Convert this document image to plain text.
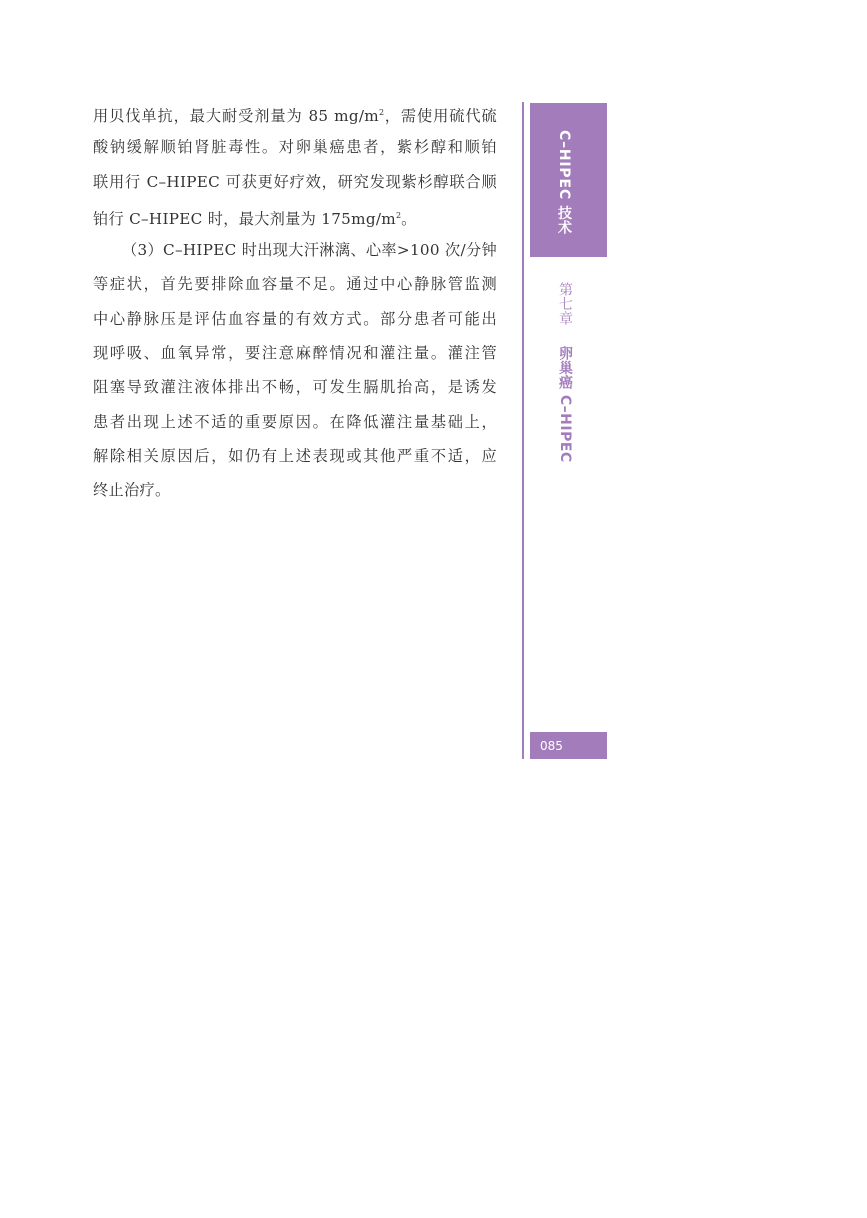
用贝伐单抗，最大耐受剂量为 85 $mg/m^2$，需使用硫代硫
酸钠缓解顺铂肾脏毒性。对卵巢癌患者，紫杉醇和顺铂
联用行 C–HIPEC 可获更好疗效，研究发现紫杉醇联合顺
铂行 C–HIPEC 时，最大剂量为 $175mg/m^2$。
（3）C–HIPEC 时出现大汗淋漓、心率>100 次/分钟
等症状，首先要排除血容量不足。通过中心静脉管监测
中心静脉压是评估血容量的有效方式。部分患者可能出
现呼吸、血氧异常，要注意麻醉情况和灌注量。灌注管
阻塞导致灌注液体排出不畅，可发生膈肌抬高，是诱发
患者出现上述不适的重要原因。在降低灌注量基础上，
解除相关原因后，如仍有上述表现或其他严重不适，应
终止治疗。
C–HIPEC 技术
第七章 卵巢癌 C–HIPEC
085
